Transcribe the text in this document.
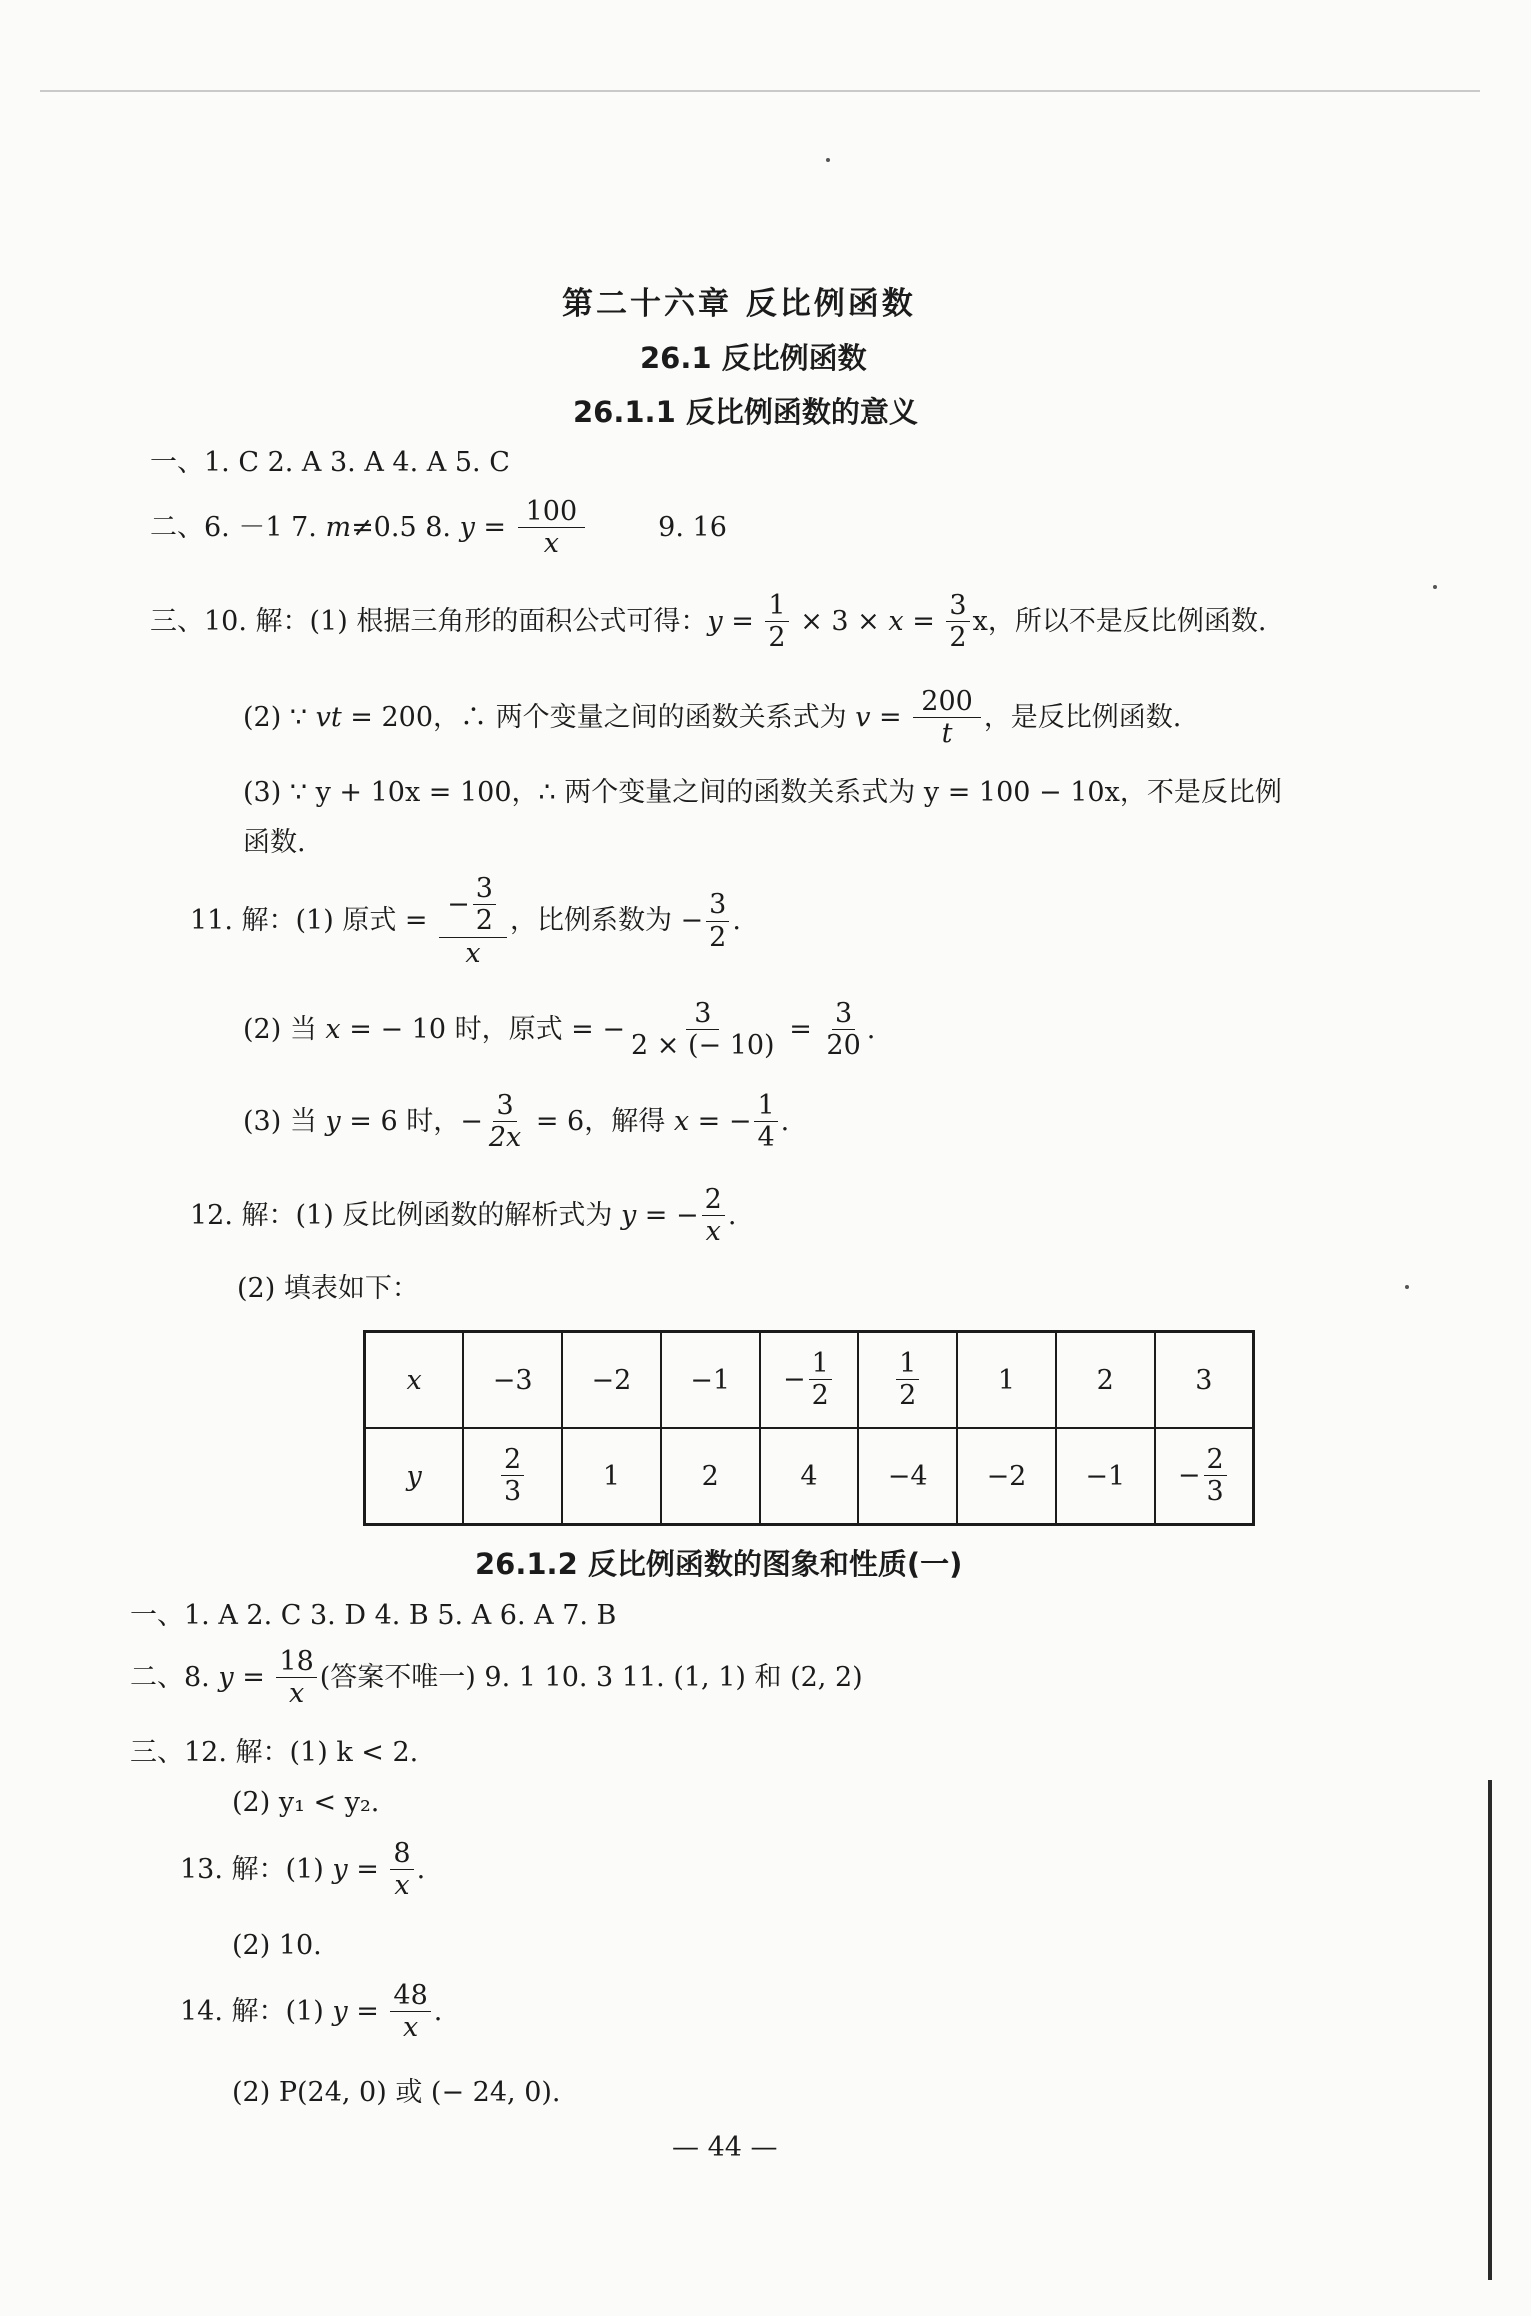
第二十六章 反比例函数
26.1 反比例函数
26.1.1 反比例函数的意义
一、1. C 2. A 3. A 4. A 5. C
二、6. －1 7. m≠0.5 8. $y = \frac{100}{x}$	9. 16
三、10. 解：(1) 根据三角形的面积公式可得：$y = \frac{1}{2} \times 3 \times x = \frac{3}{2}$ x，所以不是反比例函数.
(2) ∵ vt = 200，∴ 两个变量之间的函数关系式为 $v = \frac{200}{t}$ ，是反比例函数.
(3) ∵ y + 10x = 100，∴ 两个变量之间的函数关系式为 y = 100 − 10x，不是反比例
函数.
11. 解：(1) 原式 = $\frac{- \frac{3}{2}}{x}$ ，比例系数为 − $\frac{3}{2}$ .
(2) 当 x = − 10 时，原式 = − $\frac{3}{2 \times (- 10)} = \frac{3}{20}$ .
(3) 当 y = 6 时，− $\frac{3}{2x} = 6$，解得 x = − $\frac{1}{4}$ .
12. 解：(1) 反比例函数的解析式为 y = − $\frac{2}{x}$ .
(2) 填表如下：
x	−3	−2	−1	− $\frac{1}{2}$	$\frac{1}{2}$	1	2	3
y	$\frac{2}{3}$	1	2	4	−4	−2	−1	− $\frac{2}{3}$
26.1.2 反比例函数的图象和性质(一)
一、1. A 2. C 3. D 4. B 5. A 6. A 7. B
二、8. $y = \frac{18}{x}$ (答案不唯一) 9. 1 10. 3 11. (1, 1) 和 (2, 2)
三、12. 解：(1) k < 2.
(2) y₁ < y₂.
13. 解：(1) $y = \frac{8}{x}$ .
(2) 10.
14. 解：(1) $y = \frac{48}{x}$ .
(2) P(24, 0) 或 (− 24, 0).
— 44 —
